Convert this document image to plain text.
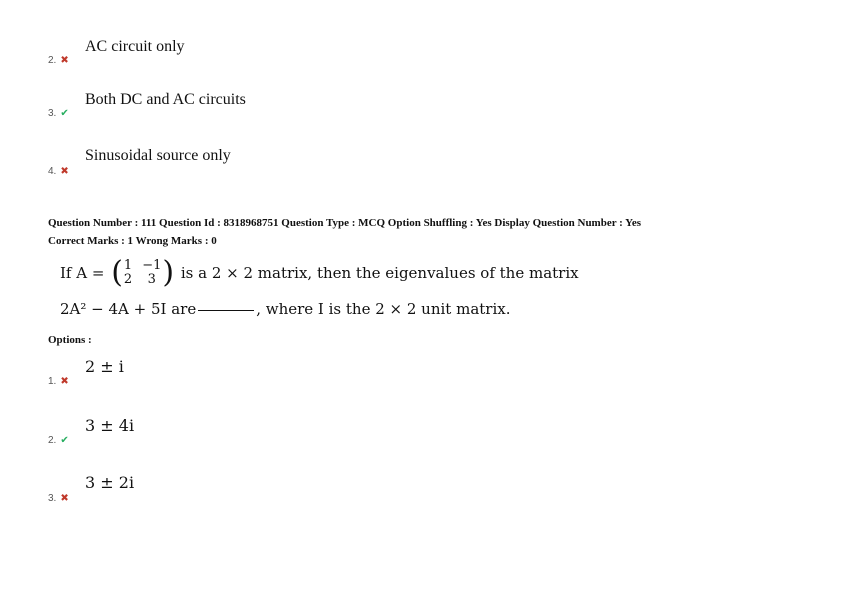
AC circuit only
2. ✖
Both DC and AC circuits
3. ✔
Sinusoidal source only
4. ✖
Question Number : 111 Question Id : 8318968751 Question Type : MCQ Option Shuffling : Yes Display Question Number : Yes
Correct Marks : 1 Wrong Marks : 0
If A = ( 1 −1
2	3 ) is a 2 × 2 matrix, then the eigenvalues of the matrix
2A² − 4A + 5I are	, where I is the 2 × 2 unit matrix.
Options :
2 ± i
1. ✖
3 ± 4i
2. ✔
3 ± 2i
3. ✖
